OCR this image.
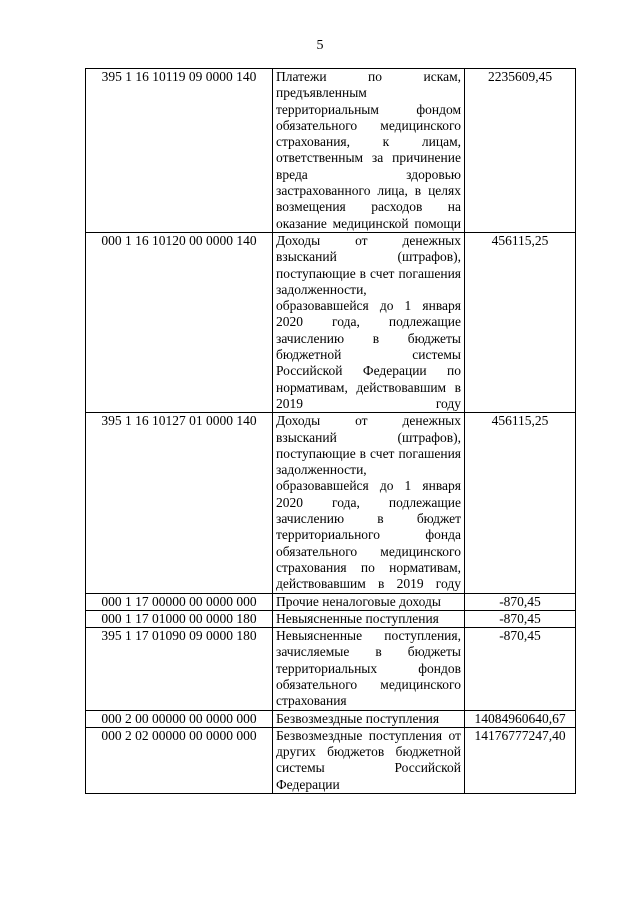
5
395 1 16 10119 09 0000 140	Платежи по искам, предъявленным территориальным фондом обязательного медицинского страхования, к лицам, ответственным за причинение вреда здоровью застрахованного лица, в целях возмещения расходов на оказание медицинской помощи	2235609,45
000 1 16 10120 00 0000 140	Доходы от денежных взысканий (штрафов), поступающие в счет погашения задолженности, образовавшейся до 1 января 2020 года, подлежащие зачислению в бюджеты бюджетной системы Российской Федерации по нормативам, действовавшим в 2019 году	456115,25
395 1 16 10127 01 0000 140	Доходы от денежных взысканий (штрафов), поступающие в счет погашения задолженности, образовавшейся до 1 января 2020 года, подлежащие зачислению в бюджет территориального фонда обязательного медицинского страхования по нормативам, действовавшим в 2019 году	456115,25
000 1 17 00000 00 0000 000	Прочие неналоговые доходы	-870,45
000 1 17 01000 00 0000 180	Невыясненные поступления	-870,45
395 1 17 01090 09 0000 180	Невыясненные поступления, зачисляемые в бюджеты территориальных фондов обязательного медицинского страхования	-870,45
000 2 00 00000 00 0000 000	Безвозмездные поступления	14084960640,67
000 2 02 00000 00 0000 000	Безвозмездные поступления от других бюджетов бюджетной системы Российской Федерации	14176777247,40
